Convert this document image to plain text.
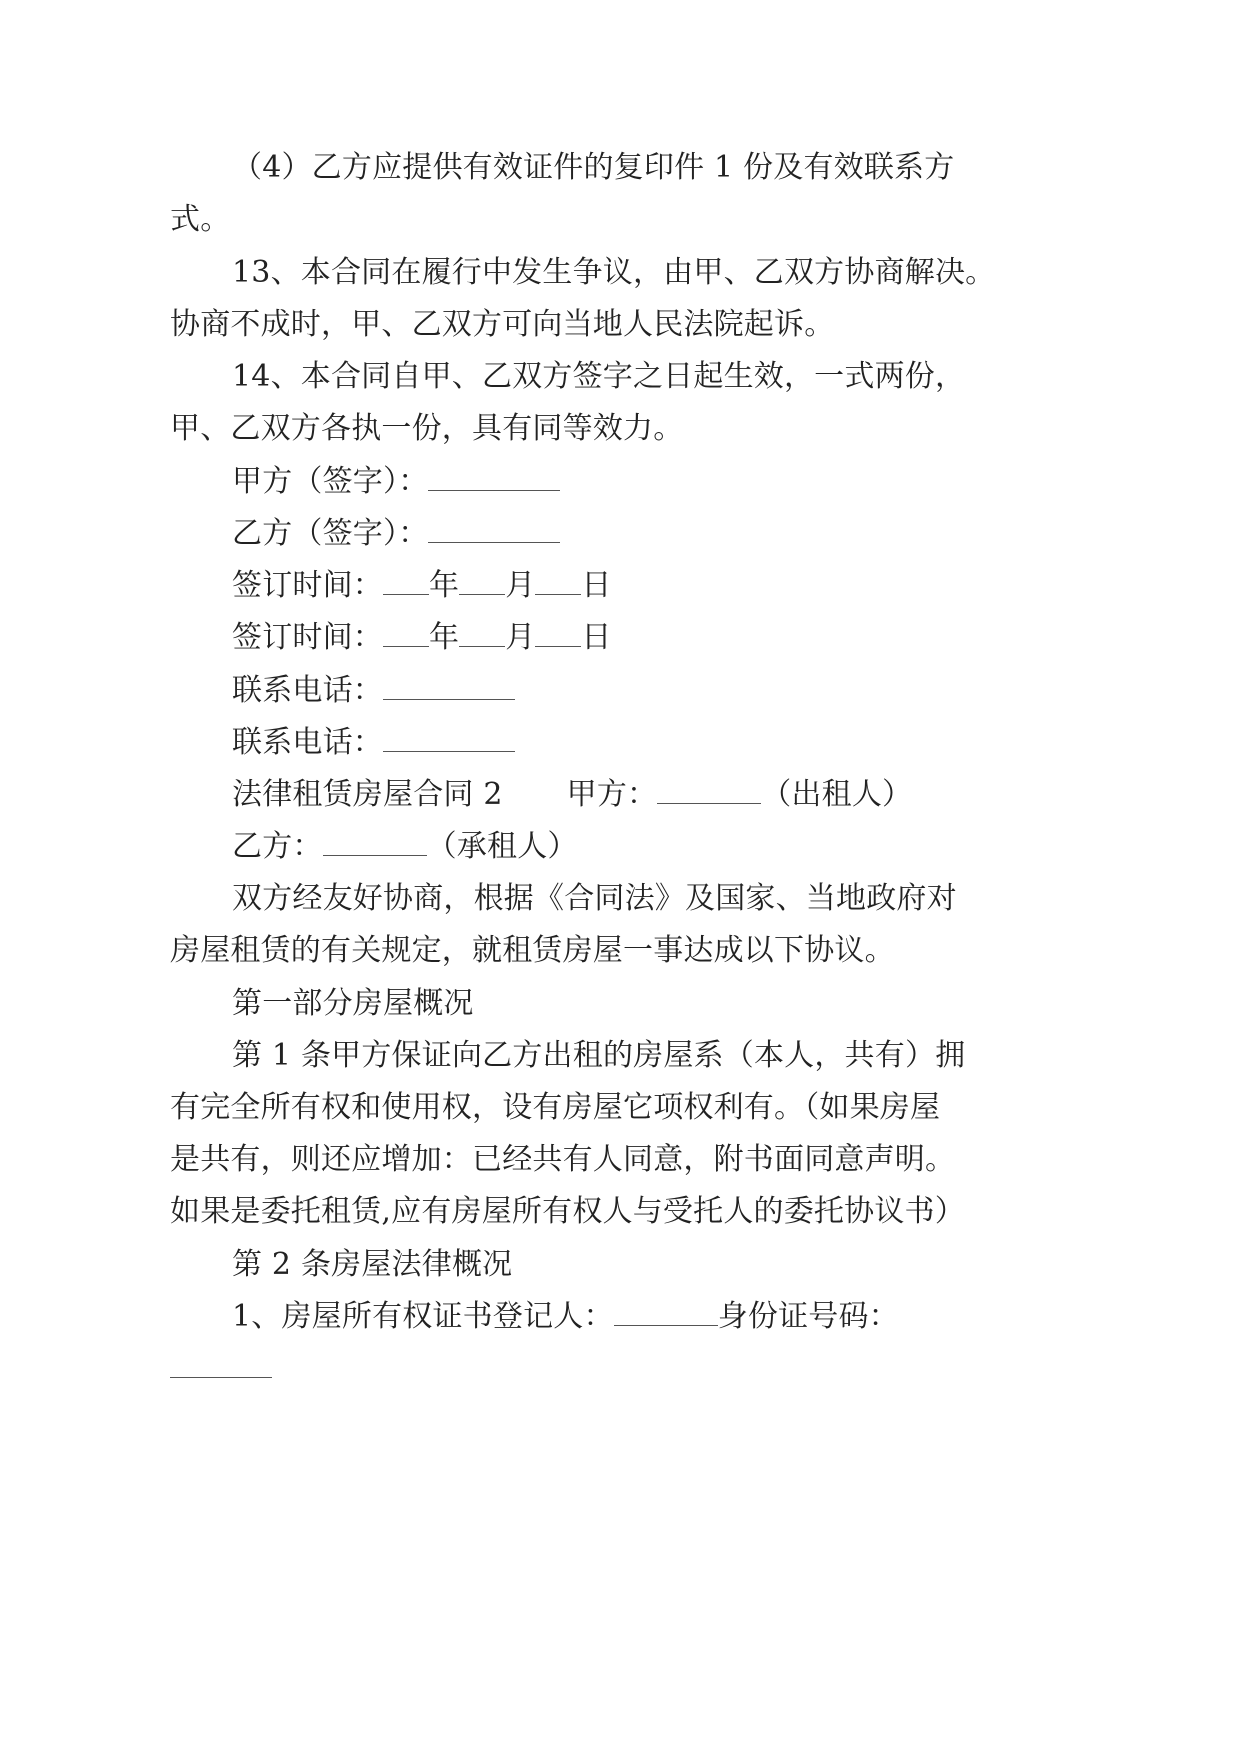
（4）乙方应提供有效证件的复印件 1 份及有效联系方
式。
13、本合同在履行中发生争议，由甲、乙双方协商解决。
协商不成时，甲、乙双方可向当地人民法院起诉。
14、本合同自甲、乙双方签字之日起生效，一式两份，
甲、乙双方各执一份，具有同等效力。
甲方（签字）：
乙方（签字）：
签订时间： 年 月 日
签订时间： 年 月 日
联系电话：
联系电话：
法律租赁房屋合同 2 甲方：	（出租人）
乙方：	（承租人）
双方经友好协商，根据《合同法》及国家、当地政府对
房屋租赁的有关规定，就租赁房屋一事达成以下协议。
第一部分房屋概况
第 1 条甲方保证向乙方出租的房屋系（本人，共有）拥
有完全所有权和使用权，设有房屋它项权利有。（如果房屋
是共有，则还应增加：已经共有人同意，附书面同意声明。
如果是委托租赁,应有房屋所有权人与受托人的委托协议书）
第 2 条房屋法律概况
1、房屋所有权证书登记人：	身份证号码：
